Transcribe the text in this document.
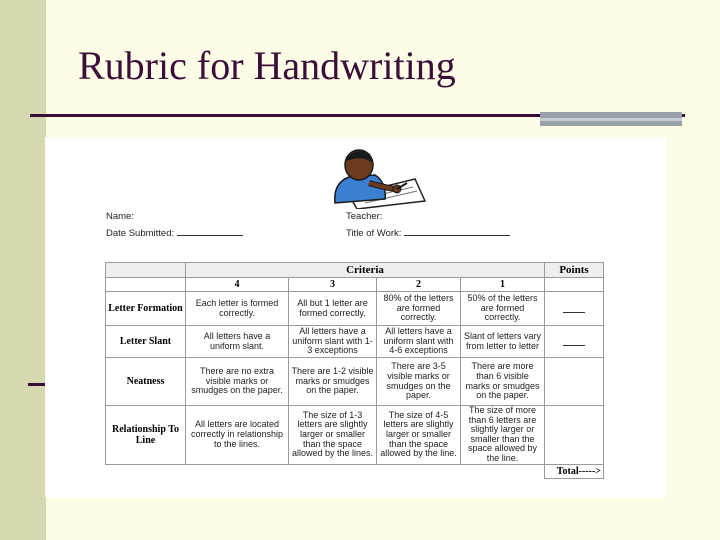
Rubric for Handwriting
Name:
Date Submitted:
Teacher:
Title of Work:
	Criteria				Points
	4	3	2	1	
Letter Formation	Each letter is formed correctly.	All but 1 letter are formed correctly.	80% of the letters are formed correctly.	50% of the letters are formed correctly.	
Letter Slant	All letters have a uniform slant.	All letters have a uniform slant with 1-3 exceptions	All letters have a uniform slant with 4-6 exceptions	Slant of letters vary from letter to letter	
Neatness	There are no extra visible marks or smudges on the paper.	There are 1-2 visible marks or smudges on the paper.	There are 3-5 visible marks or smudges on the paper.	There are more than 6 visible marks or smudges on the paper.	
Relationship To Line	All letters are located correctly in relationship to the lines.	The size of 1-3 letters are slightly larger or smaller than the space allowed by the lines.	The size of 4-5 letters are slightly larger or smaller than the space allowed by the line.	The size of more than 6 letters are slightly larger or smaller than the space allowed by the line.	
					Total----->
